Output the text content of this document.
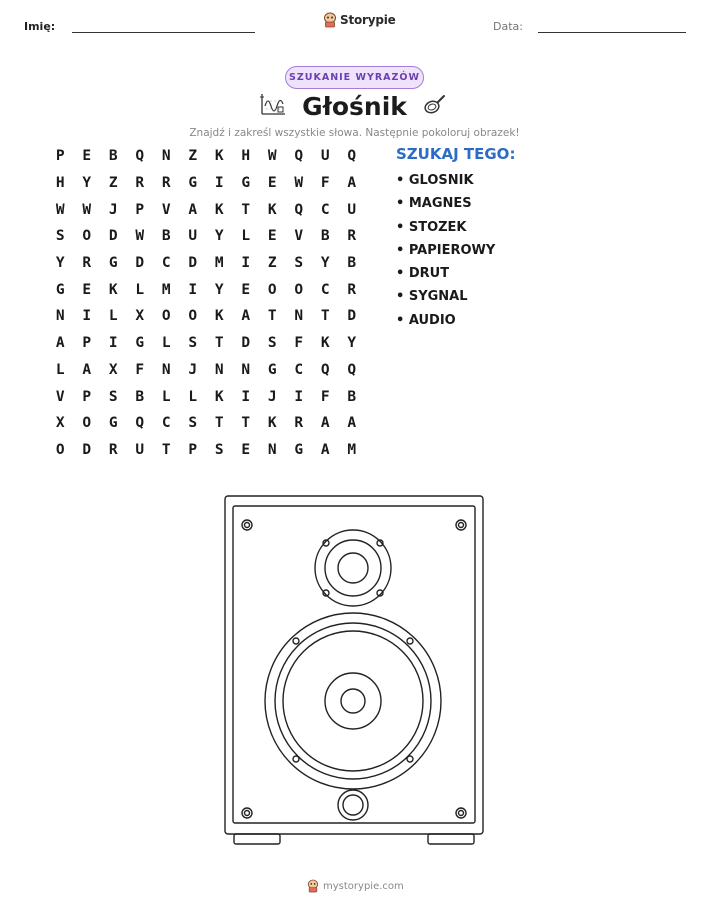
Imię:	Storypie	Data:
SZUKANIE WYRAZÓW
Głośnik
Znajdź i zakreśl wszystkie słowa. Następnie pokoloruj obrazek!
P	E	B	Q	N	Z	K	H	W	Q	U	Q
H	Y	Z	R	R	G	I	G	E	W	F	A
W	W	J	P	V	A	K	T	K	Q	C	U
S	O	D	W	B	U	Y	L	E	V	B	R
Y	R	G	D	C	D	M	I	Z	S	Y	B
G	E	K	L	M	I	Y	E	O	O	C	R
N	I	L	X	O	O	K	A	T	N	T	D
A	P	I	G	L	S	T	D	S	F	K	Y
L	A	X	F	N	J	N	N	G	C	Q	Q
V	P	S	B	L	L	K	I	J	I	F	B
X	O	G	Q	C	S	T	T	K	R	A	A
O	D	R	U	T	P	S	E	N	G	A	M
SZUKAJ TEGO:
• GLOSNIK
• MAGNES
• STOZEK
• PAPIEROWY
• DRUT
• SYGNAL
• AUDIO
mystorypie.com
